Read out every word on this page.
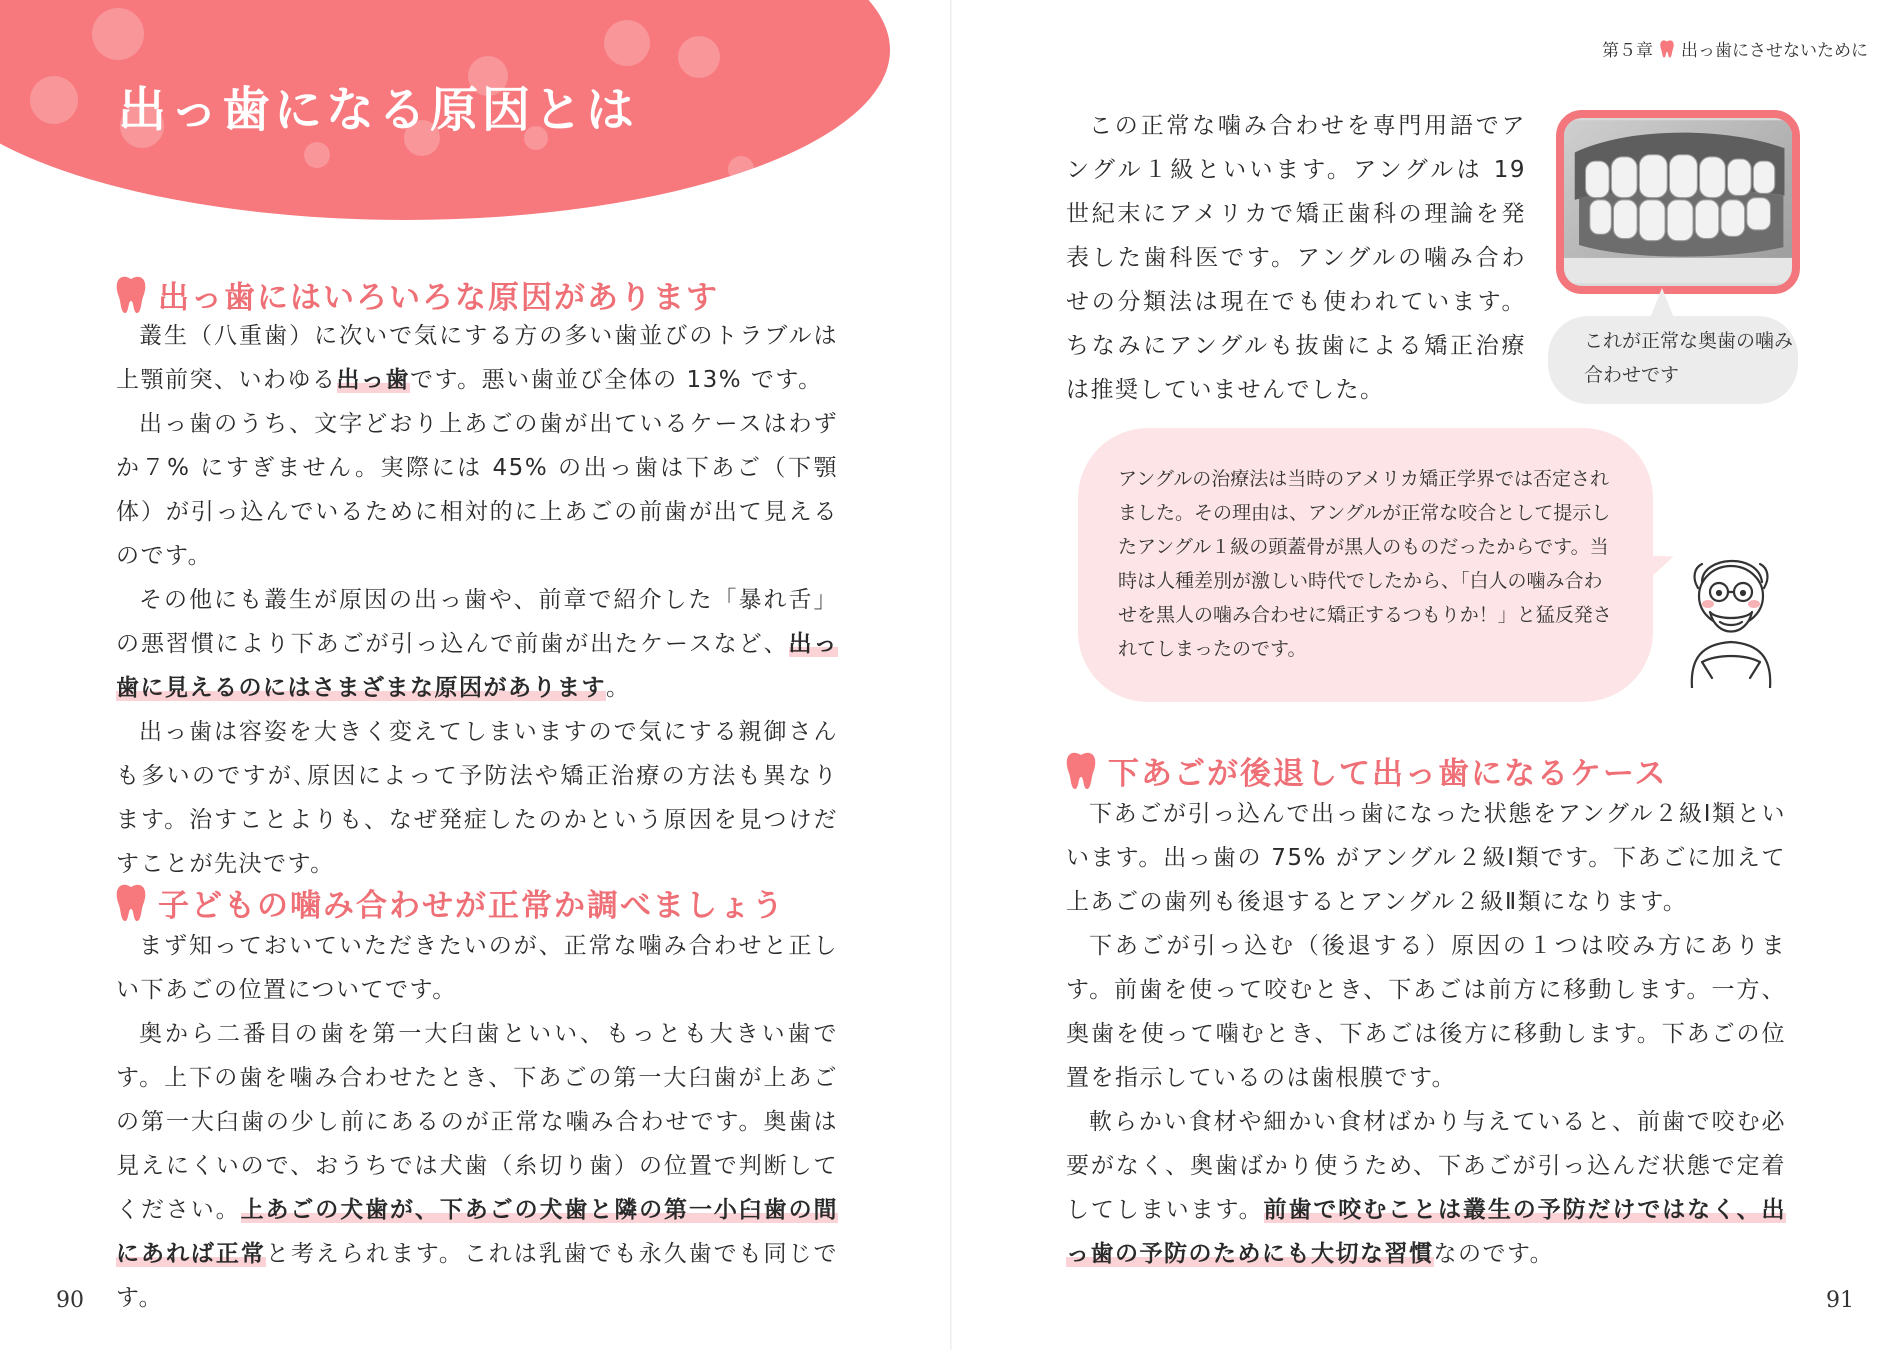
出っ歯になる原因とは
出っ歯にはいろいろな原因があります

叢生（八重歯）に次いで気にする方の多い歯並びのトラブルは上顎前突、いわゆる出っ歯です。悪い歯並び全体の 13% です。

出っ歯のうち、文字どおり上あごの歯が出ているケースはわずか７% にすぎません。実際には 45% の出っ歯は下あご（下顎体）が引っ込んでいるために相対的に上あごの前歯が出て見えるのです。

その他にも叢生が原因の出っ歯や、前章で紹介した「暴れ舌」の悪習慣により下あごが引っ込んで前歯が出たケースなど、出っ歯に見えるのにはさまざまな原因があります。

出っ歯は容姿を大きく変えてしまいますので気にする親御さんも多いのですが､原因によって予防法や矯正治療の方法も異なります。治すことよりも、なぜ発症したのかという原因を見つけだすことが先決です。

子どもの噛み合わせが正常か調べましょう

まず知っておいていただきたいのが、正常な噛み合わせと正しい下あごの位置についてです。

奥から二番目の歯を第一大臼歯といい、もっとも大きい歯です。上下の歯を噛み合わせたとき、下あごの第一大臼歯が上あごの第一大臼歯の少し前にあるのが正常な噛み合わせです。奥歯は見えにくいので、おうちでは犬歯（糸切り歯）の位置で判断してください。上あごの犬歯が、下あごの犬歯と隣の第一小臼歯の間にあれば正常と考えられます。これは乳歯でも永久歯でも同じです。

90
第５章 出っ歯にさせないために

この正常な噛み合わせを専門用語でアングル１級といいます。アングルは 19 世紀末にアメリカで矯正歯科の理論を発表した歯科医です。アングルの噛み合わせの分類法は現在でも使われています。ちなみにアングルも抜歯による矯正治療は推奨していませんでした。

これが正常な奥歯の噛み合わせです

アングルの治療法は当時のアメリカ矯正学界では否定されました。その理由は、アングルが正常な咬合として提示したアングル１級の頭蓋骨が黒人のものだったからです。当時は人種差別が激しい時代でしたから、「白人の噛み合わせを黒人の噛み合わせに矯正するつもりか！」と猛反発されてしまったのです。

下あごが後退して出っ歯になるケース

下あごが引っ込んで出っ歯になった状態をアングル２級Ⅰ類といいます。出っ歯の 75% がアングル２級Ⅰ類です。下あごに加えて上あごの歯列も後退するとアングル２級Ⅱ類になります。

下あごが引っ込む（後退する）原因の１つは咬み方にあります。前歯を使って咬むとき、下あごは前方に移動します。一方、奥歯を使って噛むとき、下あごは後方に移動します。下あごの位置を指示しているのは歯根膜です。

軟らかい食材や細かい食材ばかり与えていると、前歯で咬む必要がなく、奥歯ばかり使うため、下あごが引っ込んだ状態で定着してしまいます。前歯で咬むことは叢生の予防だけではなく、出っ歯の予防のためにも大切な習慣なのです。

91
